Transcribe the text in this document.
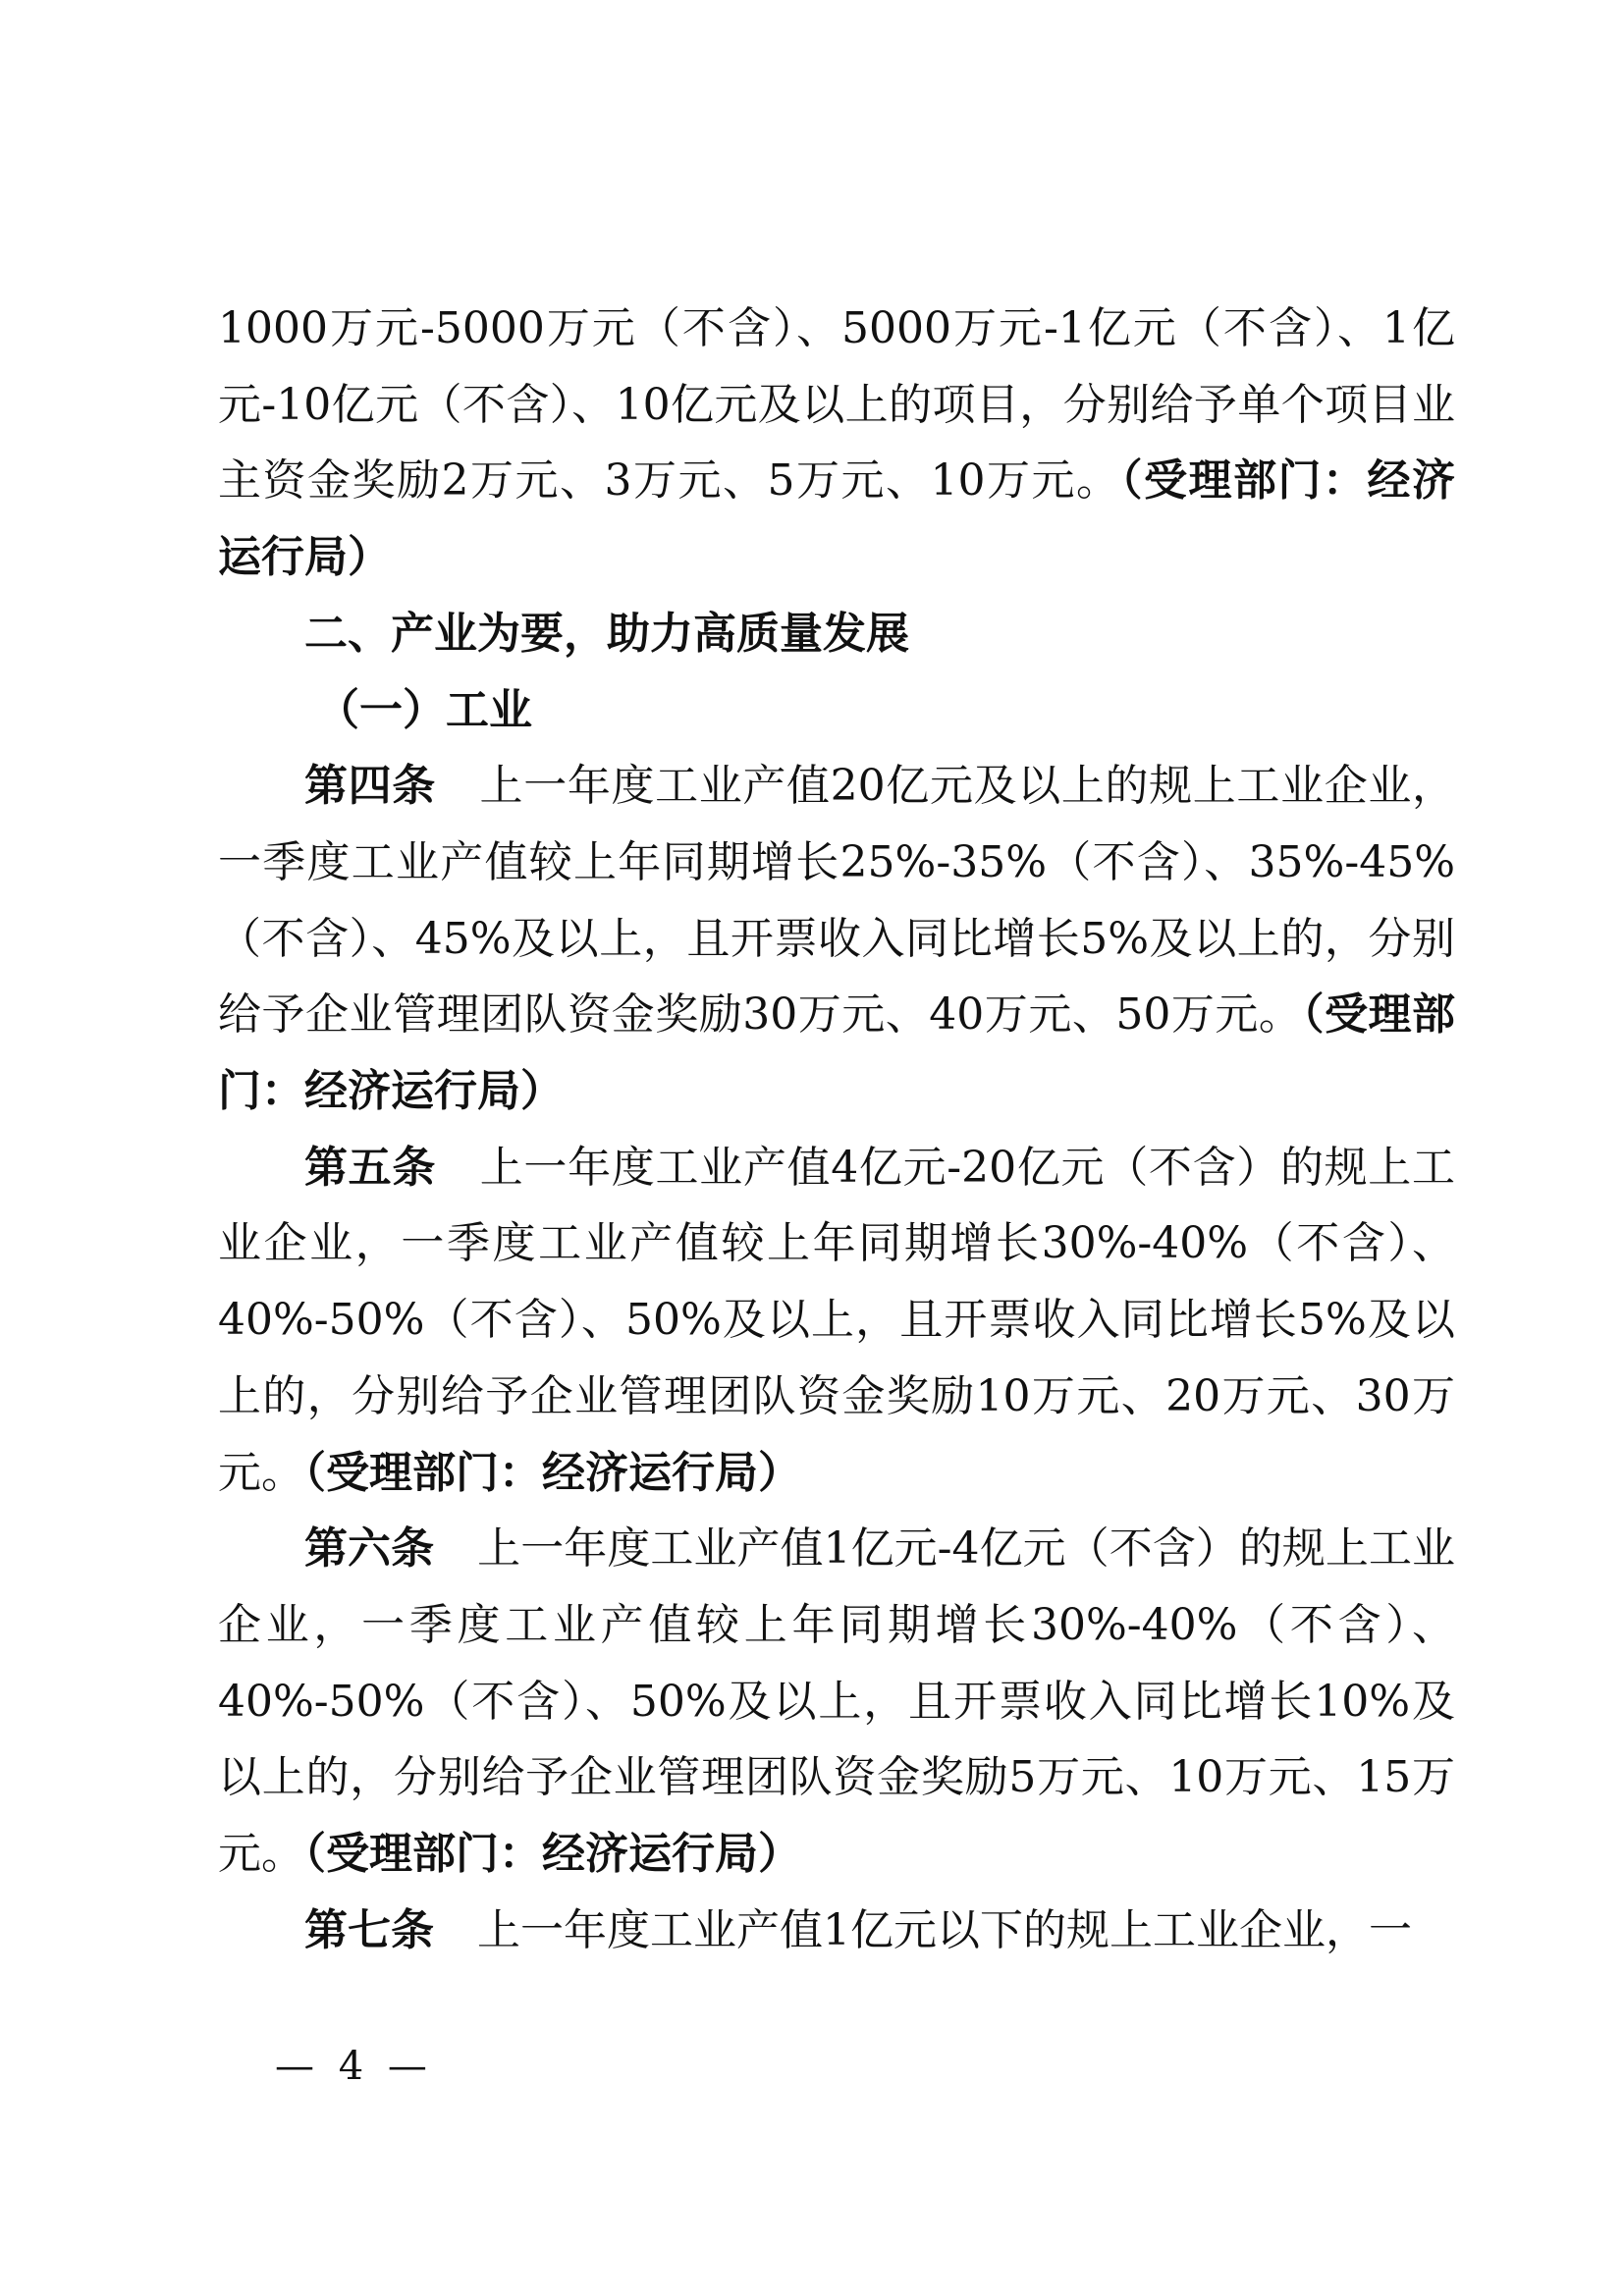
1000万元-5000万元（不含）、5000万元-1亿元（不含）、1亿元-10亿元（不含）、10亿元及以上的项目，分别给予单个项目业主资金奖励2万元、3万元、5万元、10万元。（受理部门：经济运行局）

二、产业为要，助力高质量发展

（一）工业

第四条 上一年度工业产值20亿元及以上的规上工业企业，一季度工业产值较上年同期增长25%-35%（不含）、35%-45%（不含）、45%及以上，且开票收入同比增长5%及以上的，分别给予企业管理团队资金奖励30万元、40万元、50万元。（受理部门：经济运行局）

第五条 上一年度工业产值4亿元-20亿元（不含）的规上工业企业，一季度工业产值较上年同期增长30%-40%（不含）、40%-50%（不含）、50%及以上，且开票收入同比增长5%及以上的，分别给予企业管理团队资金奖励10万元、20万元、30万元。（受理部门：经济运行局）

第六条 上一年度工业产值1亿元-4亿元（不含）的规上工业企业，一季度工业产值较上年同期增长30%-40%（不含）、40%-50%（不含）、50%及以上，且开票收入同比增长10%及以上的，分别给予企业管理团队资金奖励5万元、10万元、15万元。（受理部门：经济运行局）

第七条 上一年度工业产值1亿元以下的规上工业企业，一

— 4 —
